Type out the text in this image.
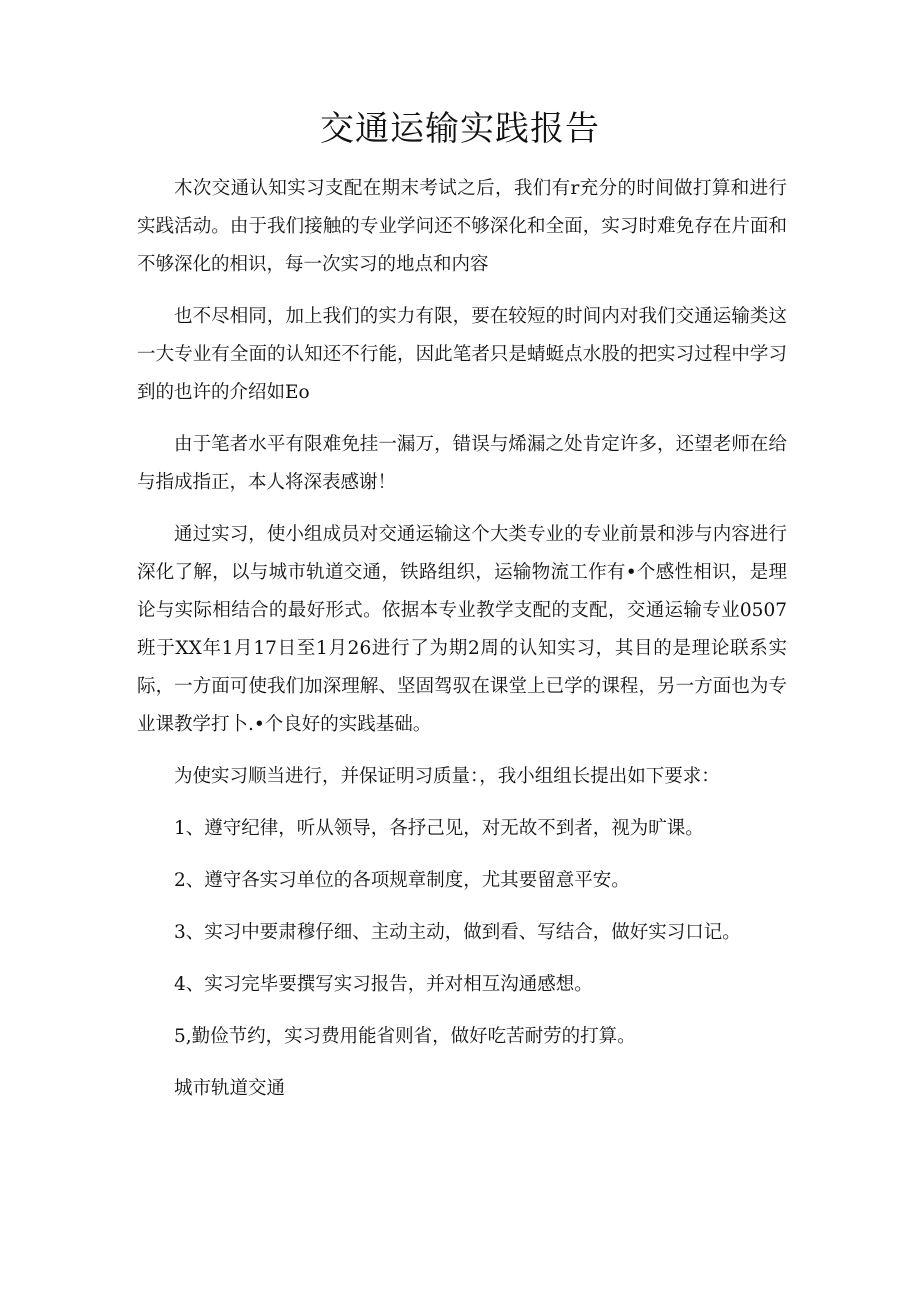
交通运输实践报告

木次交通认知实习支配在期末考试之后，我们有r充分的时间做打算和进行实践活动。由于我们接触的专业学问还不够深化和全面，实习时难免存在片面和不够深化的相识，每一次实习的地点和内容

也不尽相同，加上我们的实力有限，要在较短的时间内对我们交通运输类这一大专业有全面的认知还不行能，因此笔者只是蜻蜓点水股的把实习过程中学习到的也许的介绍如Eo

由于笔者水平有限难免挂一漏万，错误与烯漏之处肯定许多，还望老师在给与指成指正，本人将深表感谢！

通过实习，使小组成员对交通运输这个大类专业的专业前景和涉与内容进行深化了解，以与城市轨道交通，铁路组织，运输物流工作有•个感性相识，是理论与实际相结合的最好形式。依据本专业教学支配的支配，交通运输专业0507班于XX年1月17日至1月26进行了为期2周的认知实习，其目的是理论联系实际，一方面可使我们加深理解、坚固驾驭在课堂上已学的课程，另一方面也为专业课教学打卜.•个良好的实践基础。

为使实习顺当进行，并保证明习质量：，我小组组长提出如下要求：

1、遵守纪律，听从领导，各抒己见，对无故不到者，视为旷课。

2、遵守各实习单位的各项规章制度，尤其要留意平安。

3、实习中要肃穆仔细、主动主动，做到看、写结合，做好实习口记。

4、实习完毕要撰写实习报告，并对相互沟通感想。

5,勤俭节约，实习费用能省则省，做好吃苦耐劳的打算。

城市轨道交通
